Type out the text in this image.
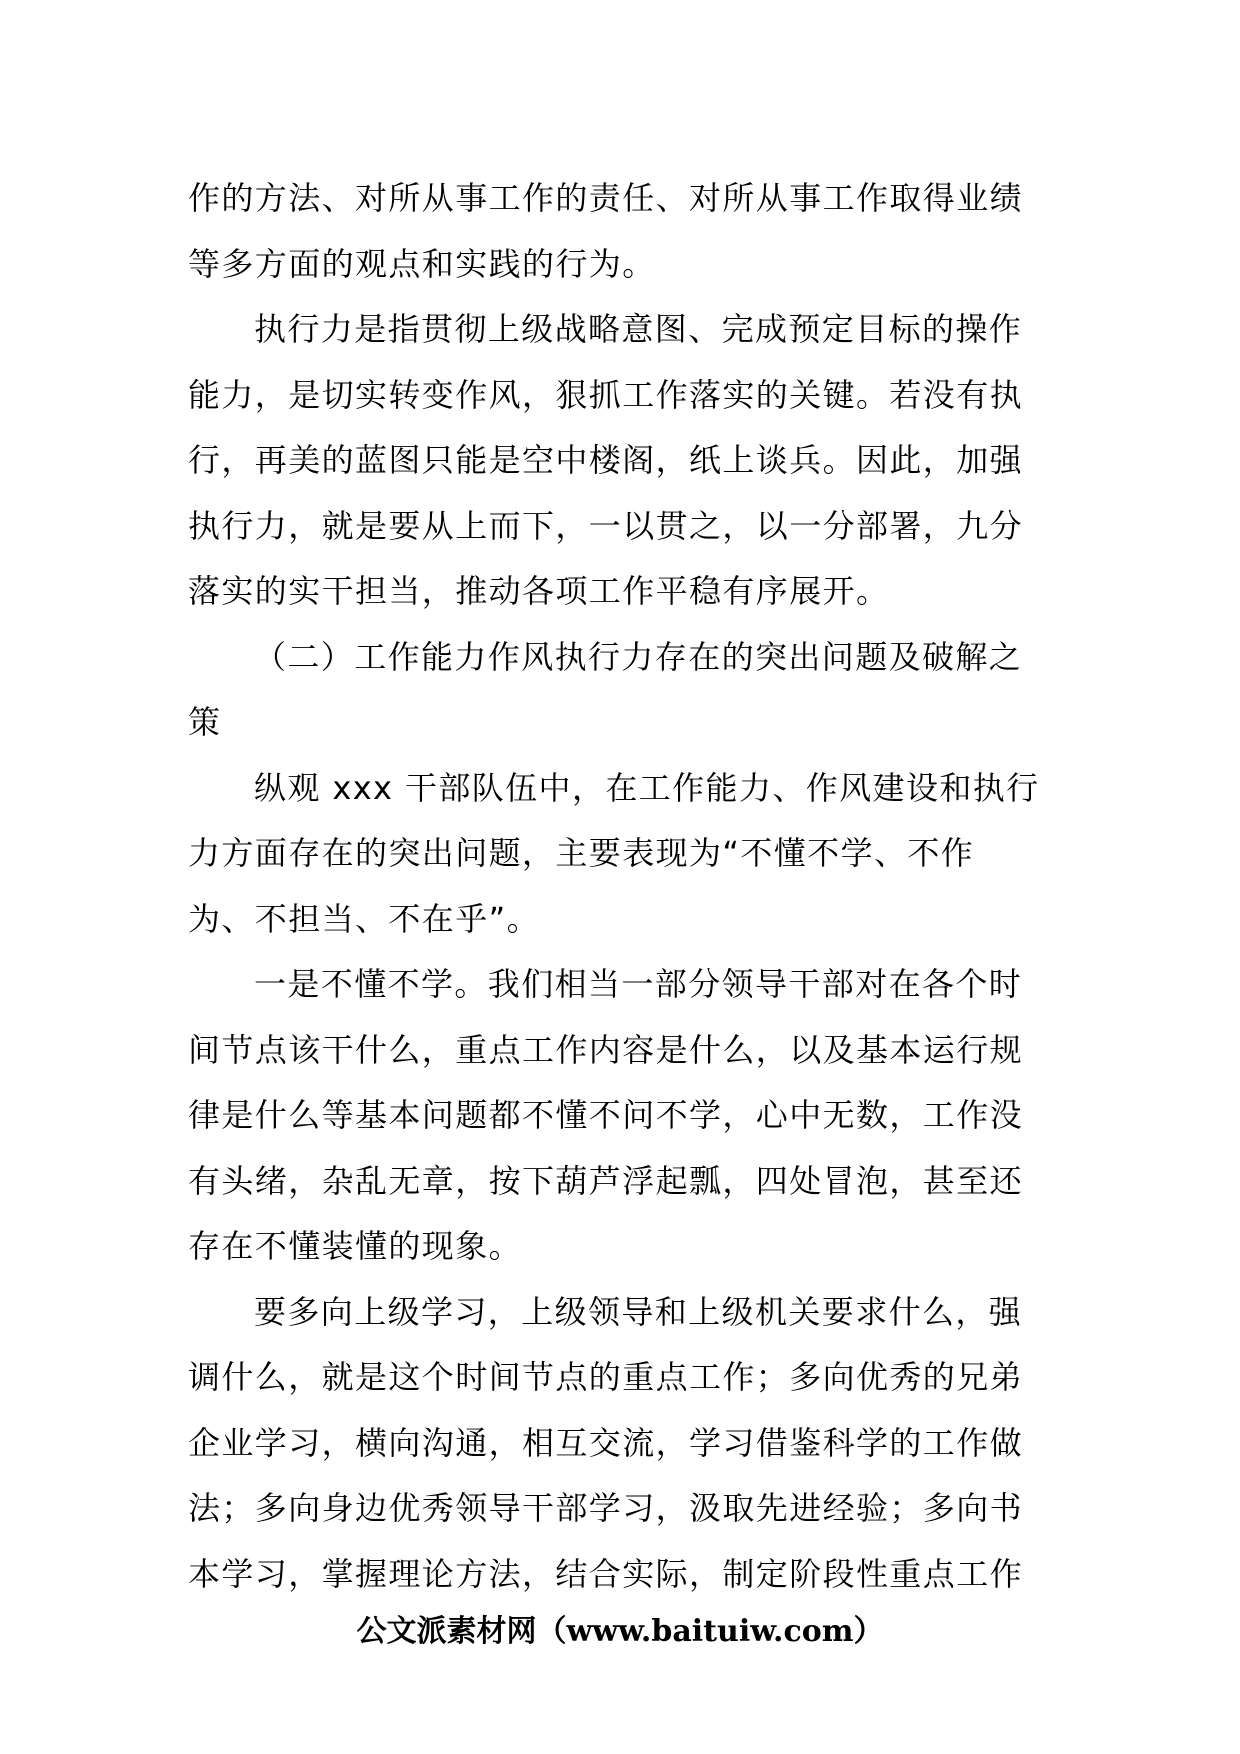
作的方法、对所从事工作的责任、对所从事工作取得业绩
等多方面的观点和实践的行为。
执行力是指贯彻上级战略意图、完成预定目标的操作
能力，是切实转变作风，狠抓工作落实的关键。若没有执
行，再美的蓝图只能是空中楼阁，纸上谈兵。因此，加强
执行力，就是要从上而下，一以贯之，以一分部署，九分
落实的实干担当，推动各项工作平稳有序展开。
（二）工作能力作风执行力存在的突出问题及破解之
策
纵观 xxx 干部队伍中，在工作能力、作风建设和执行
力方面存在的突出问题，主要表现为“不懂不学、不作
为、不担当、不在乎”。
一是不懂不学。我们相当一部分领导干部对在各个时
间节点该干什么，重点工作内容是什么，以及基本运行规
律是什么等基本问题都不懂不问不学，心中无数，工作没
有头绪，杂乱无章，按下葫芦浮起瓢，四处冒泡，甚至还
存在不懂装懂的现象。
要多向上级学习，上级领导和上级机关要求什么，强
调什么，就是这个时间节点的重点工作；多向优秀的兄弟
企业学习，横向沟通，相互交流，学习借鉴科学的工作做
法；多向身边优秀领导干部学习，汲取先进经验；多向书
本学习，掌握理论方法，结合实际，制定阶段性重点工作
公文派素材网（www.baituiw.com）
